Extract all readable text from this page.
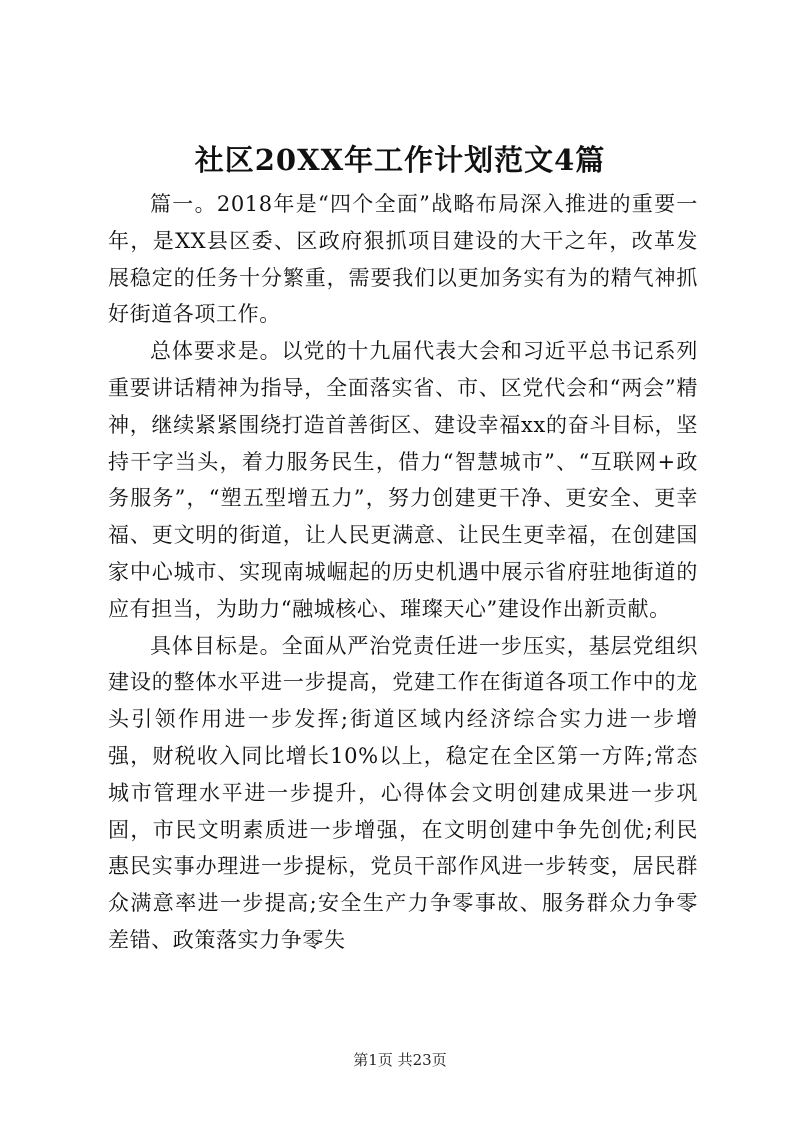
社区20XX年工作计划范文4篇

篇一。2018年是“四个全面”战略布局深入推进的重要一年，是XX县区委、区政府狠抓项目建设的大干之年，改革发展稳定的任务十分繁重，需要我们以更加务实有为的精气神抓好街道各项工作。

总体要求是。以党的十九届代表大会和习近平总书记系列重要讲话精神为指导，全面落实省、市、区党代会和“两会”精神，继续紧紧围绕打造首善街区、建设幸福xx的奋斗目标，坚持干字当头，着力服务民生，借力“智慧城市”、“互联网+政务服务”，“塑五型增五力”，努力创建更干净、更安全、更幸福、更文明的街道，让人民更满意、让民生更幸福，在创建国家中心城市、实现南城崛起的历史机遇中展示省府驻地街道的应有担当，为助力“融城核心、璀璨天心”建设作出新贡献。

具体目标是。全面从严治党责任进一步压实，基层党组织建设的整体水平进一步提高，党建工作在街道各项工作中的龙头引领作用进一步发挥;街道区域内经济综合实力进一步增强，财税收入同比增长10%以上，稳定在全区第一方阵;常态城市管理水平进一步提升，心得体会文明创建成果进一步巩固，市民文明素质进一步增强，在文明创建中争先创优;利民惠民实事办理进一步提标，党员干部作风进一步转变，居民群众满意率进一步提高;安全生产力争零事故、服务群众力争零差错、政策落实力争零失

第1页 共23页
